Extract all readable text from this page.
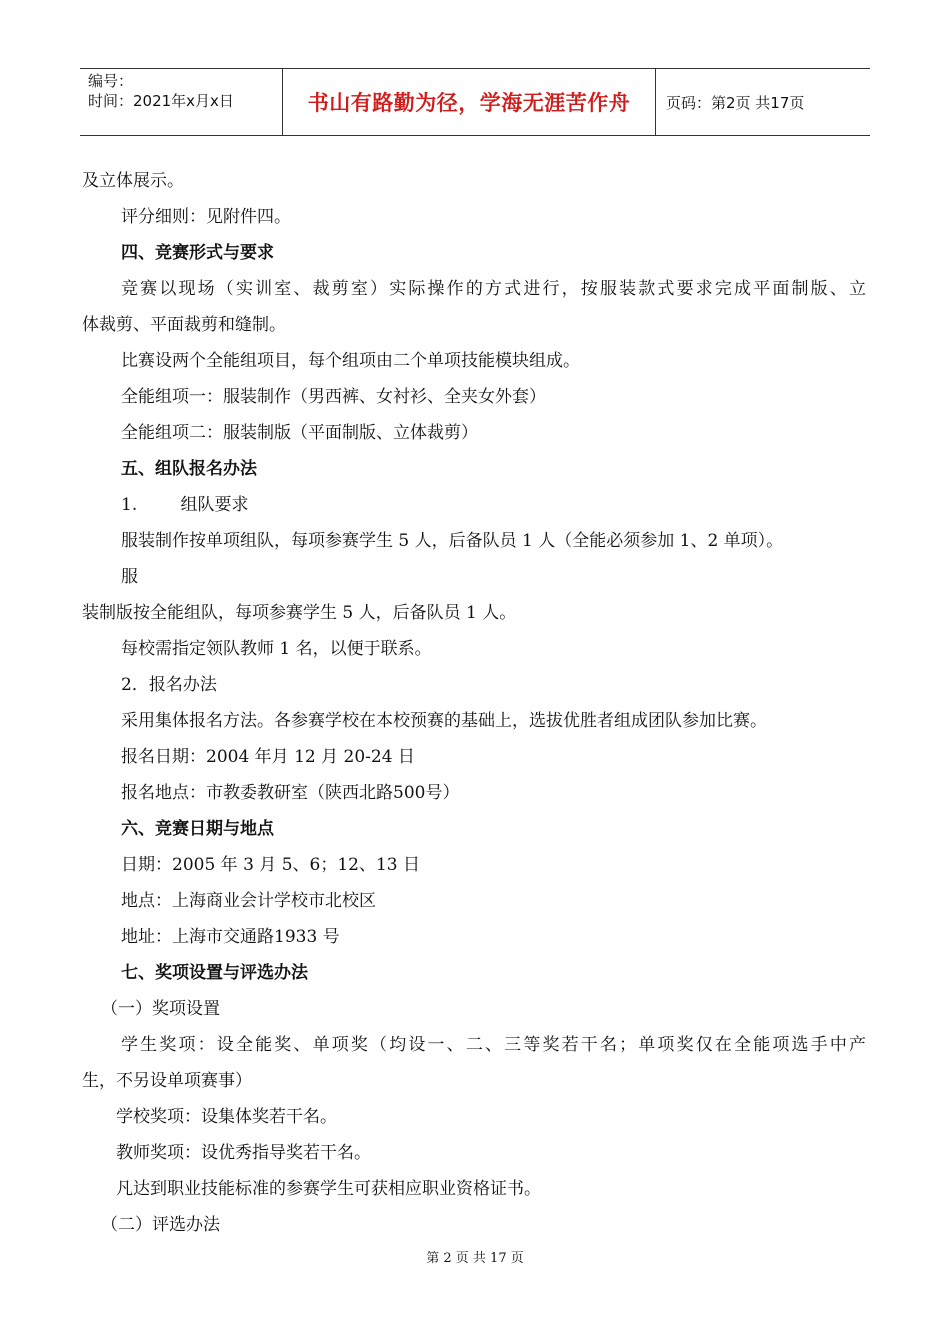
编号：
时间：2021年x月x日	书山有路勤为径，学海无涯苦作舟	页码：第2页 共17页
及立体展示。
评分细则：见附件四。
四、竞赛形式与要求
竞赛以现场（实训室、裁剪室）实际操作的方式进行，按服装款式要求完成平面制版、立
体裁剪、平面裁剪和缝制。
比赛设两个全能组项目，每个组项由二个单项技能模块组成。
全能组项一：服装制作（男西裤、女衬衫、全夹女外套）
全能组项二：服装制版（平面制版、立体裁剪）
五、组队报名办法
1.        组队要求
服装制作按单项组队，每项参赛学生 5 人，后备队员 1 人（全能必须参加 1、2 单项）。
服
装制版按全能组队，每项参赛学生 5 人，后备队员 1 人。
每校需指定领队教师 1 名，以便于联系。
2．报名办法
采用集体报名方法。各参赛学校在本校预赛的基础上，选拔优胜者组成团队参加比赛。
报名日期：2004 年月 12 月 20-24 日
报名地点：市教委教研室（陕西北路500号）
六、竞赛日期与地点
日期：2005 年 3 月 5、6；12、13 日
地点：上海商业会计学校市北校区
地址：上海市交通路1933 号
七、奖项设置与评选办法
（一）奖项设置
学生奖项：设全能奖、单项奖（均设一、二、三等奖若干名；单项奖仅在全能项选手中产
生，不另设单项赛事）
学校奖项：设集体奖若干名。
教师奖项：设优秀指导奖若干名。
凡达到职业技能标准的参赛学生可获相应职业资格证书。
（二）评选办法
第 2 页 共 17 页
